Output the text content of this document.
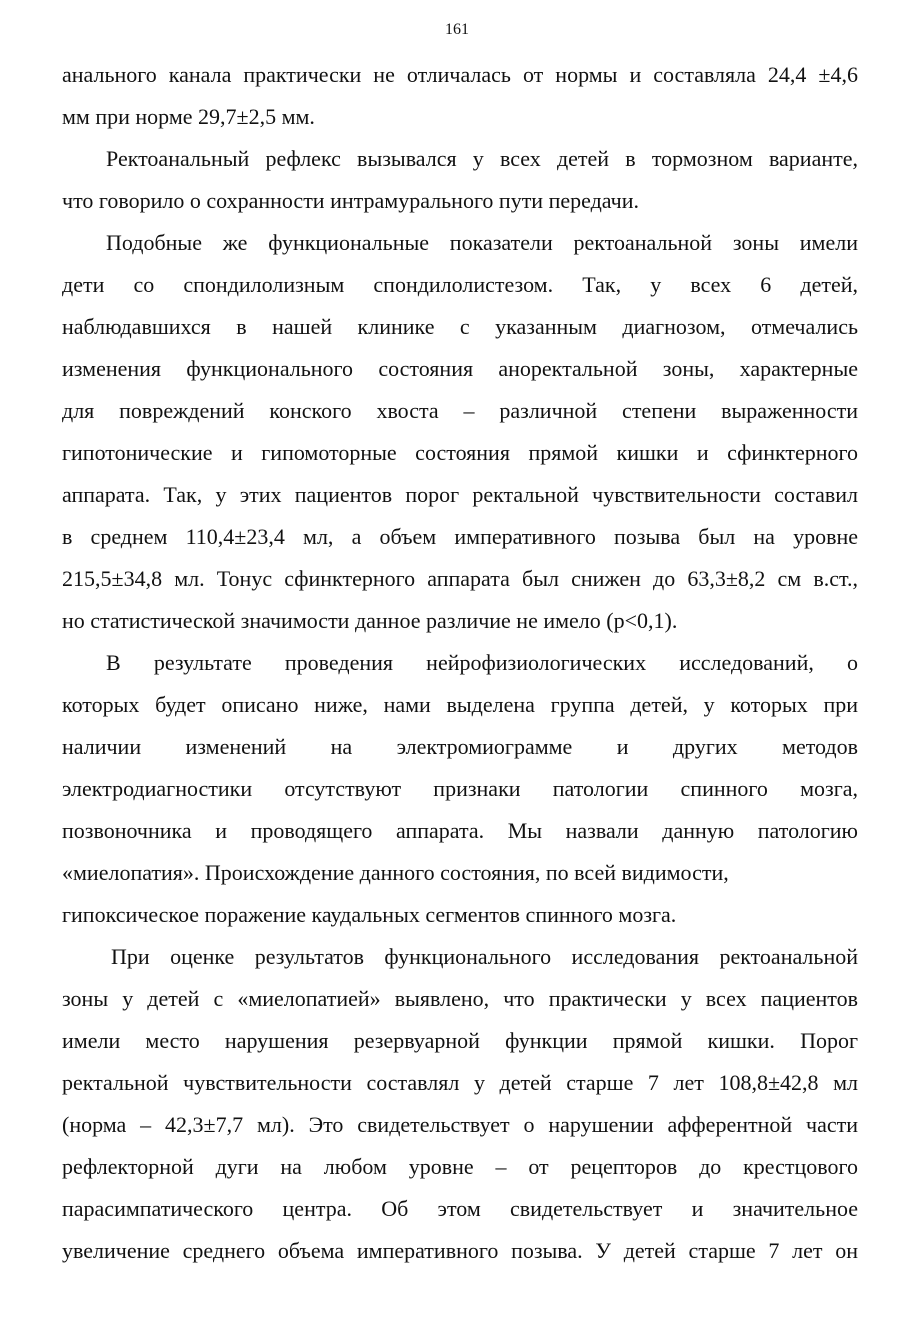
161
анального канала практически не отличалась от нормы и составляла 24,4 ±4,6
мм при норме 29,7±2,5 мм.
Ректоанальный рефлекс вызывался у всех детей в тормозном варианте,
что говорило о сохранности интрамурального пути передачи.
Подобные же функциональные показатели ректоанальной зоны имели
дети со спондилолизным спондилолистезом. Так, у всех 6 детей,
наблюдавшихся в нашей клинике с указанным диагнозом, отмечались
изменения функционального состояния аноректальной зоны, характерные
для повреждений конского хвоста – различной степени выраженности
гипотонические и гипомоторные состояния прямой кишки и сфинктерного
аппарата. Так, у этих пациентов порог ректальной чувствительности составил
в среднем 110,4±23,4 мл, а объем императивного позыва был на уровне
215,5±34,8 мл. Тонус сфинктерного аппарата был снижен до 63,3±8,2 см в.ст.,
но статистической значимости данное различие не имело (р<0,1).
В результате проведения нейрофизиологических исследований, о
которых будет описано ниже, нами выделена группа детей, у которых при
наличии изменений на электромиограмме и других методов
электродиагностики отсутствуют признаки патологии спинного мозга,
позвоночника и проводящего аппарата. Мы назвали данную патологию
«миелопатия». Происхождение данного состояния, по всей видимости,
гипоксическое поражение каудальных сегментов спинного мозга.
При оценке результатов функционального исследования ректоанальной
зоны у детей с «миелопатией» выявлено, что практически у всех пациентов
имели место нарушения резервуарной функции прямой кишки. Порог
ректальной чувствительности составлял у детей старше 7 лет 108,8±42,8 мл
(норма – 42,3±7,7 мл). Это свидетельствует о нарушении афферентной части
рефлекторной дуги на любом уровне – от рецепторов до крестцового
парасимпатического центра. Об этом свидетельствует и значительное
увеличение среднего объема императивного позыва. У детей старше 7 лет он
